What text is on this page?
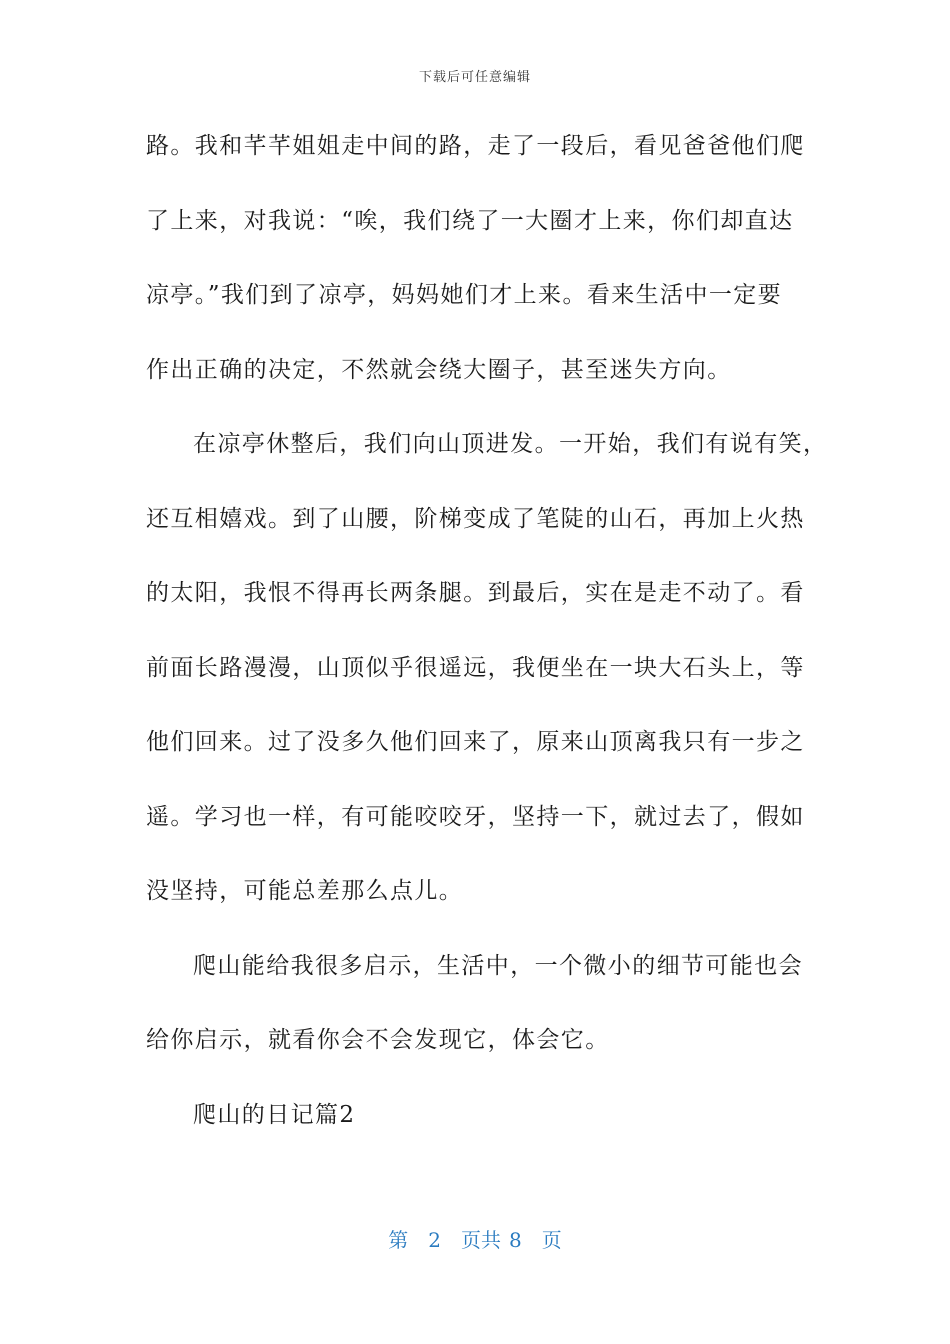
下载后可任意编辑
路。我和芊芊姐姐走中间的路，走了一段后，看见爸爸他们爬
了上来，对我说：“唉，我们绕了一大圈才上来，你们却直达
凉亭。”我们到了凉亭，妈妈她们才上来。看来生活中一定要
作出正确的决定，不然就会绕大圈子，甚至迷失方向。
在凉亭休整后，我们向山顶进发。一开始，我们有说有笑，
还互相嬉戏。到了山腰，阶梯变成了笔陡的山石，再加上火热
的太阳，我恨不得再长两条腿。到最后，实在是走不动了。看
前面长路漫漫，山顶似乎很遥远，我便坐在一块大石头上，等
他们回来。过了没多久他们回来了，原来山顶离我只有一步之
遥。学习也一样，有可能咬咬牙，坚持一下，就过去了，假如
没坚持，可能总差那么点儿。
爬山能给我很多启示，生活中，一个微小的细节可能也会
给你启示，就看你会不会发现它，体会它。
爬山的日记篇2
第 2 页共 8 页
